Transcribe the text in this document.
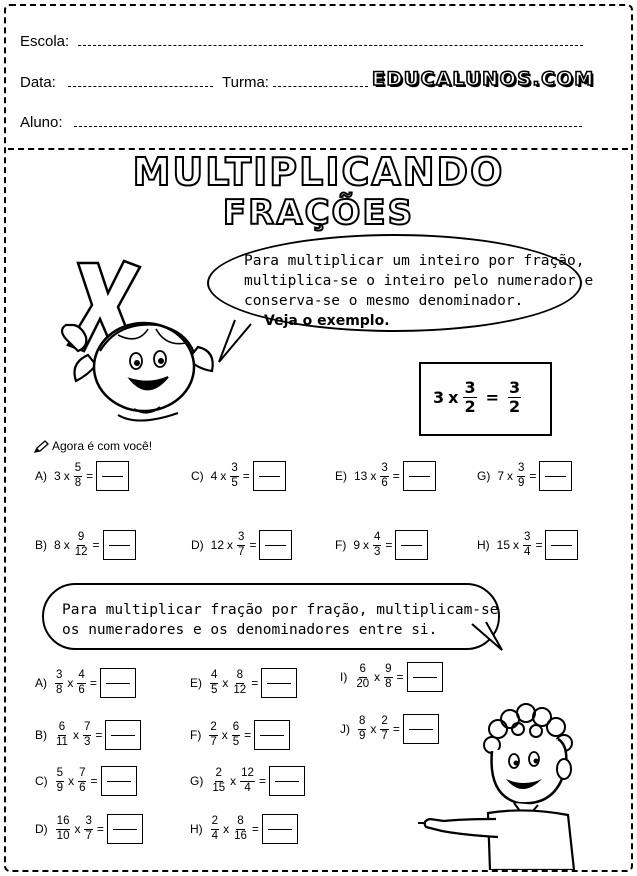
Escola:
Data:	Turma:	EDUCALUNOS.COM
Aluno:
MULTIPLICANDO
FRAÇÕES
Para multiplicar um inteiro por fração,
multiplica-se o inteiro pelo numerador e
conserva-se o mesmo denominador.
Veja o exemplo.
3 x $\frac{3}{2} = \frac{3}{2}$
Agora é com você!
A) 3 x $\frac{5}{8}$ =	C) 4 x $\frac{3}{5}$ =	E) 13 x $\frac{3}{6}$ =	G) 7 x $\frac{3}{9}$ =
B) 8 x $\frac{9}{12}$ =	D) 12 x $\frac{3}{7}$ =	F) 9 x $\frac{4}{3}$ =	H) 15 x $\frac{3}{4}$ =
Para multiplicar fração por fração, multiplicam-se
os numeradores e os denominadores entre si.
$A) \frac{3}{8}$ x $\frac{4}{6}$ =
$B) \frac{6}{11}$ x $\frac{7}{3}$ =
$C) \frac{5}{9}$ x $\frac{7}{6}$ =
$D) \frac{16}{10}$ x $\frac{3}{7}$ =
$E) \frac{4}{5}$ x $\frac{8}{12}$ =
$F) \frac{2}{7}$ x $\frac{6}{5}$ =
$G) \frac{2}{15}$ x $\frac{12}{4}$ =
$H) \frac{2}{4}$ x $\frac{8}{16}$ =
$I) \frac{6}{20}$ x $\frac{9}{8}$ =
$J) \frac{8}{9}$ x $\frac{2}{7}$ =
